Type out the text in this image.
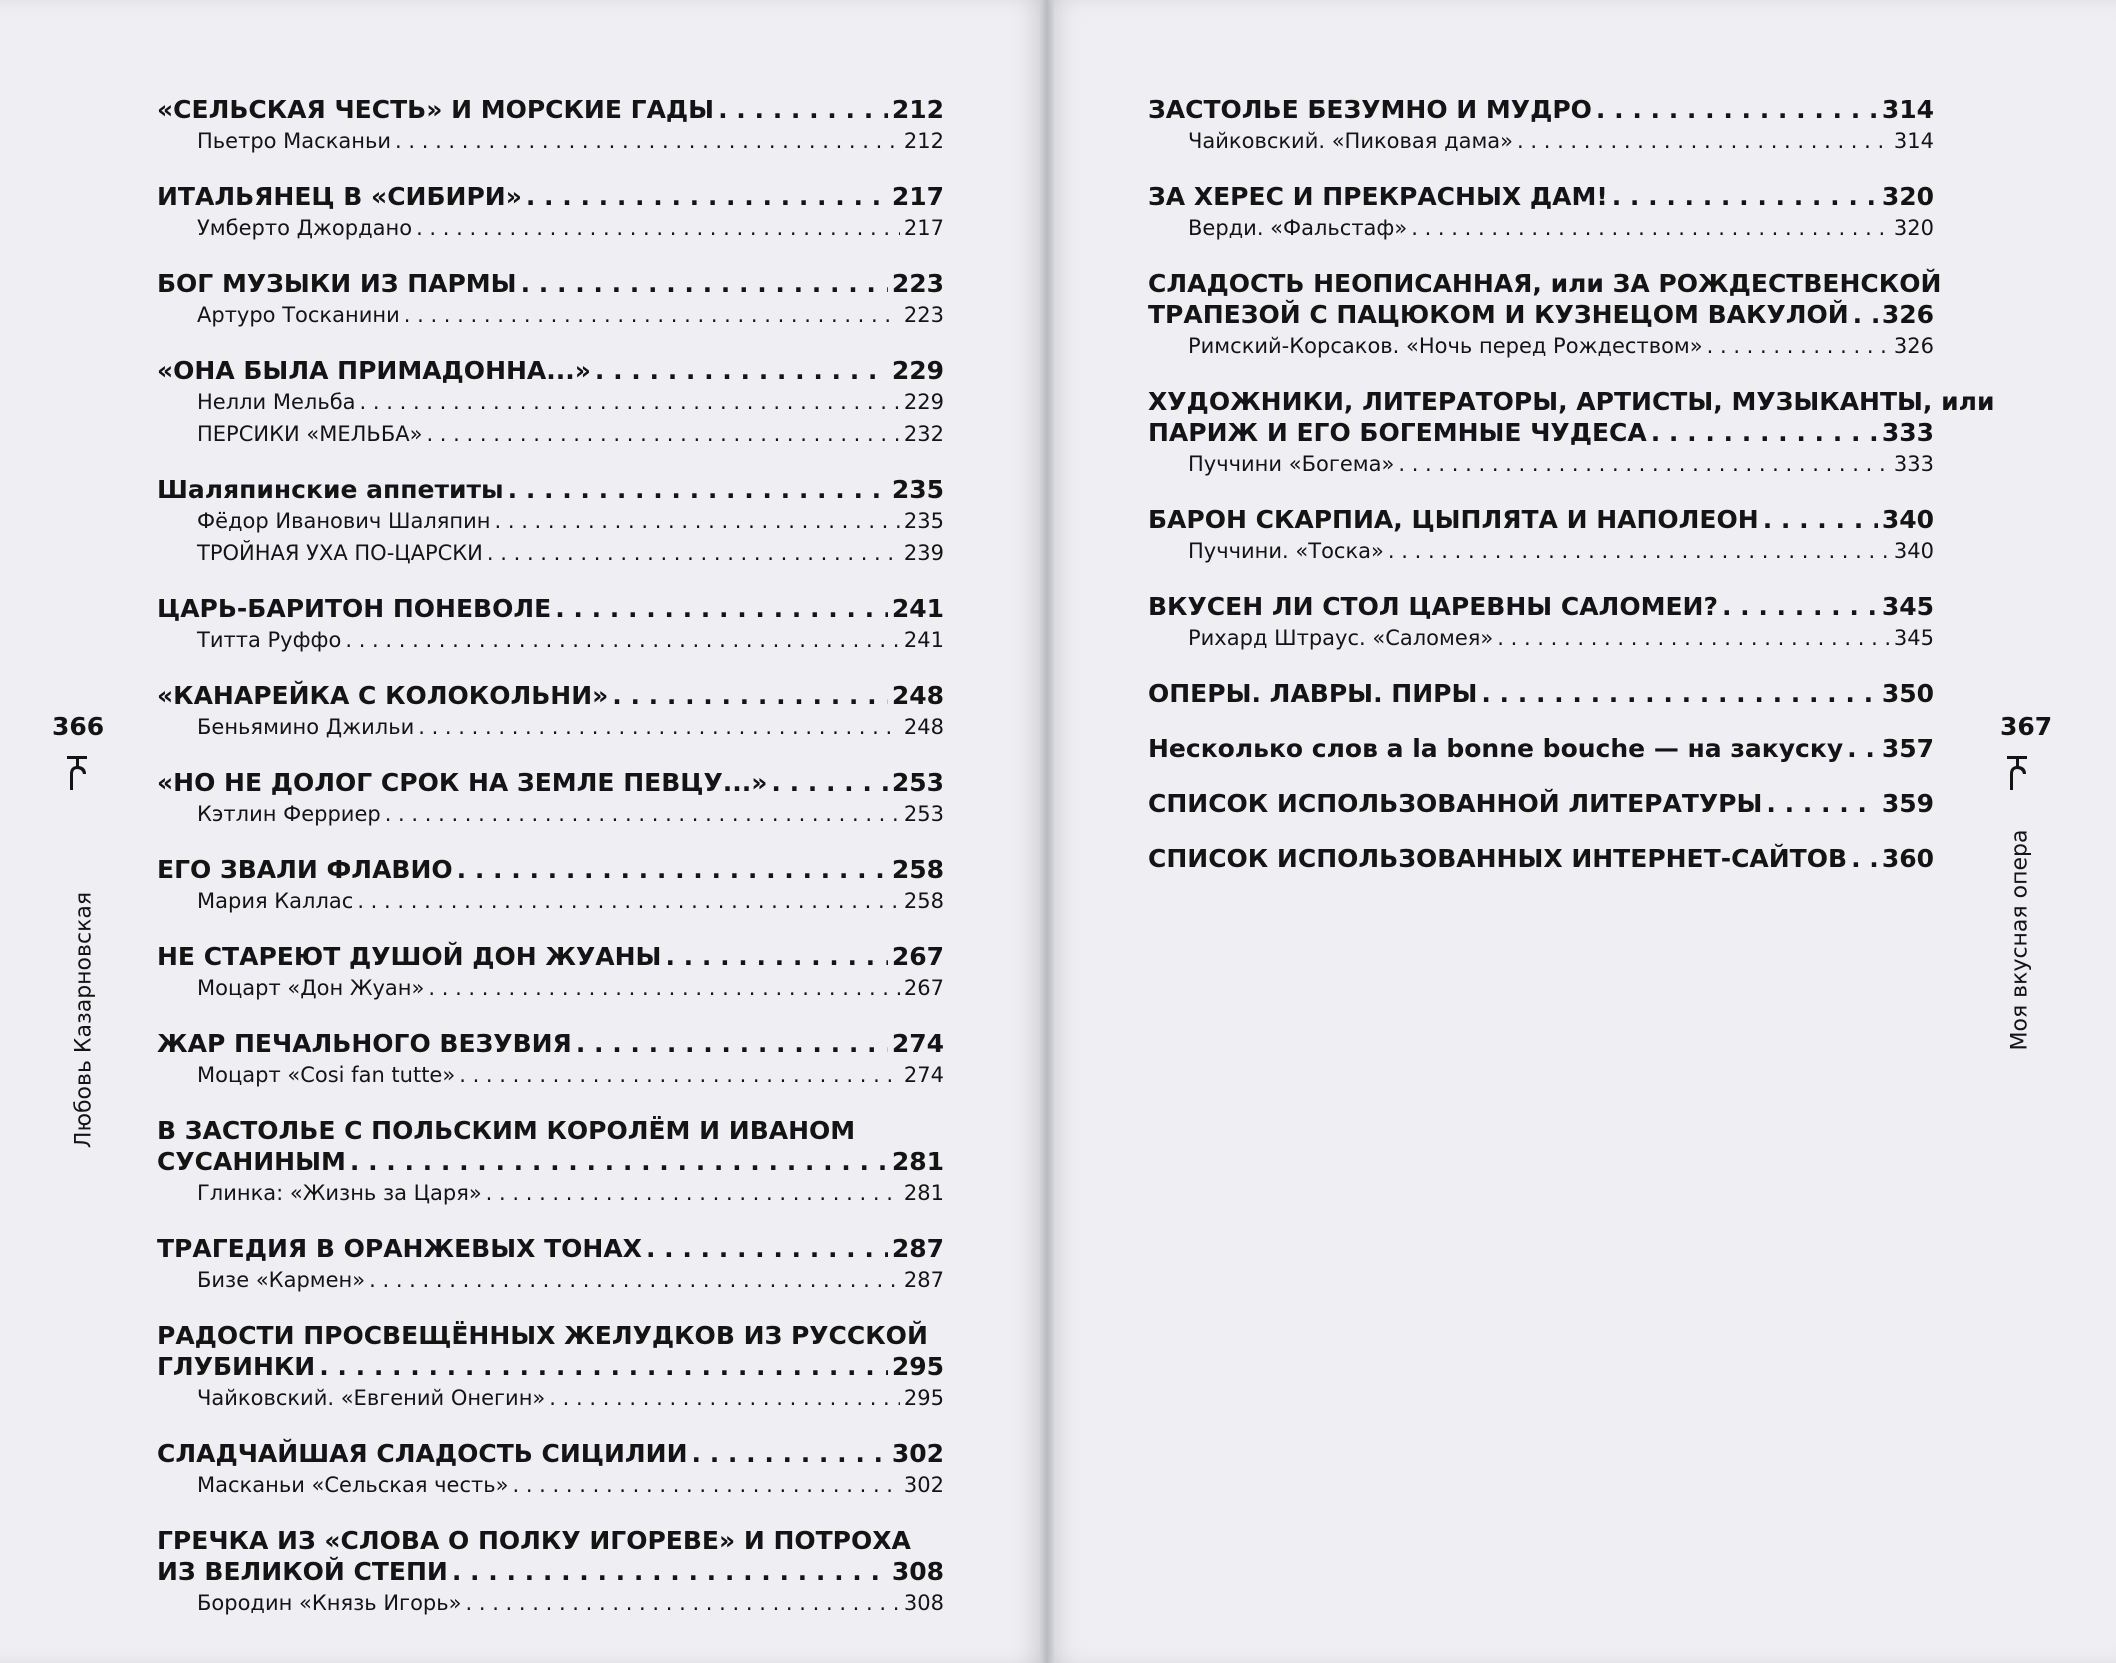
«СЕЛЬСКАЯ ЧЕСТЬ» И МОРСКИЕ ГАДЫ . . .	212
Пьетро Масканьи . . .	212
ИТАЛЬЯНЕЦ В «СИБИРИ» . . .	217
Умберто Джордано . . .	217
БОГ МУЗЫКИ ИЗ ПАРМЫ . . .	223
Артуро Тосканини . . .	223
«ОНА БЫЛА ПРИМАДОННА...» . . .	229
Нелли Мельба . . .	229
ПЕРСИКИ «МЕЛЬБА» . . .	232
Шаляпинские аппетиты . . .	235
Фёдор Иванович Шаляпин . . .	235
ТРОЙНАЯ УХА ПО-ЦАРСКИ . . .	239
ЦАРЬ-БАРИТОН ПОНЕВОЛЕ . . .	241
Титта Руффо . . .	241
«КАНАРЕЙКА С КОЛОКОЛЬНИ» . . .	248
Беньямино Джильи . . .	248
«НО НЕ ДОЛОГ СРОК НА ЗЕМЛЕ ПЕВЦУ...» . . .	253
Кэтлин Ферриер . . .	253
ЕГО ЗВАЛИ ФЛАВИО . . .	258
Мария Каллас . . .	258
НЕ СТАРЕЮТ ДУШОЙ ДОН ЖУАНЫ . . .	267
Моцарт «Дон Жуан» . . .	267
ЖАР ПЕЧАЛЬНОГО ВЕЗУВИЯ . . .	274
Моцарт «Cosi fan tutte» . . .	274
В ЗАСТОЛЬЕ С ПОЛЬСКИМ КОРОЛЁМ И ИВАНОМ
СУСАНИНЫМ . . .	281
Глинка: «Жизнь за Царя» . . .	281
ТРАГЕДИЯ В ОРАНЖЕВЫХ ТОНАХ . . .	287
Бизе «Кармен» . . .	287
РАДОСТИ ПРОСВЕЩЁННЫХ ЖЕЛУДКОВ ИЗ РУССКОЙ
ГЛУБИНКИ . . .	295
Чайковский. «Евгений Онегин» . . .	295
СЛАДЧАЙШАЯ СЛАДОСТЬ СИЦИЛИИ . . .	302
Масканьи «Сельская честь» . . .	302
ГРЕЧКА ИЗ «СЛОВА О ПОЛКУ ИГОРЕВЕ» И ПОТРОХА
ИЗ ВЕЛИКОЙ СТЕПИ . . .	308
Бородин «Князь Игорь» . . .	308
ЗАСТОЛЬЕ БЕЗУМНО И МУДРО . . .	314
Чайковский. «Пиковая дама» . . .	314
ЗА ХЕРЕС И ПРЕКРАСНЫХ ДАМ! . . .	320
Верди. «Фальстаф» . . .	320
СЛАДОСТЬ НЕОПИСАННАЯ, или ЗА РОЖДЕСТВЕНСКОЙ
ТРАПЕЗОЙ С ПАЦЮКОМ И КУЗНЕЦОМ ВАКУЛОЙ . . . 326
Римский-Корсаков. «Ночь перед Рождеством» . . .	326
ХУДОЖНИКИ, ЛИТЕРАТОРЫ, АРТИСТЫ, МУЗЫКАНТЫ, или
ПАРИЖ И ЕГО БОГЕМНЫЕ ЧУДЕСА . . .	333
Пуччини «Богема» . . .	333
БАРОН СКАРПИА, ЦЫПЛЯТА И НАПОЛЕОН . . .	340
Пуччини. «Тоска» . . .	340
ВКУСЕН ЛИ СТОЛ ЦАРЕВНЫ САЛОМЕИ? . . .	345
Рихард Штраус. «Саломея» . . .	345
ОПЕРЫ. ЛАВРЫ. ПИРЫ . . .	350
Несколько слов a la bonne bouche — на закуску . . . 357
СПИСОК ИСПОЛЬЗОВАННОЙ ЛИТЕРАТУРЫ . . .	359
СПИСОК ИСПОЛЬЗОВАННЫХ ИНТЕРНЕТ-САЙТОВ . . . 360
366	367
Любовь Казарновская	Моя вкусная опера
